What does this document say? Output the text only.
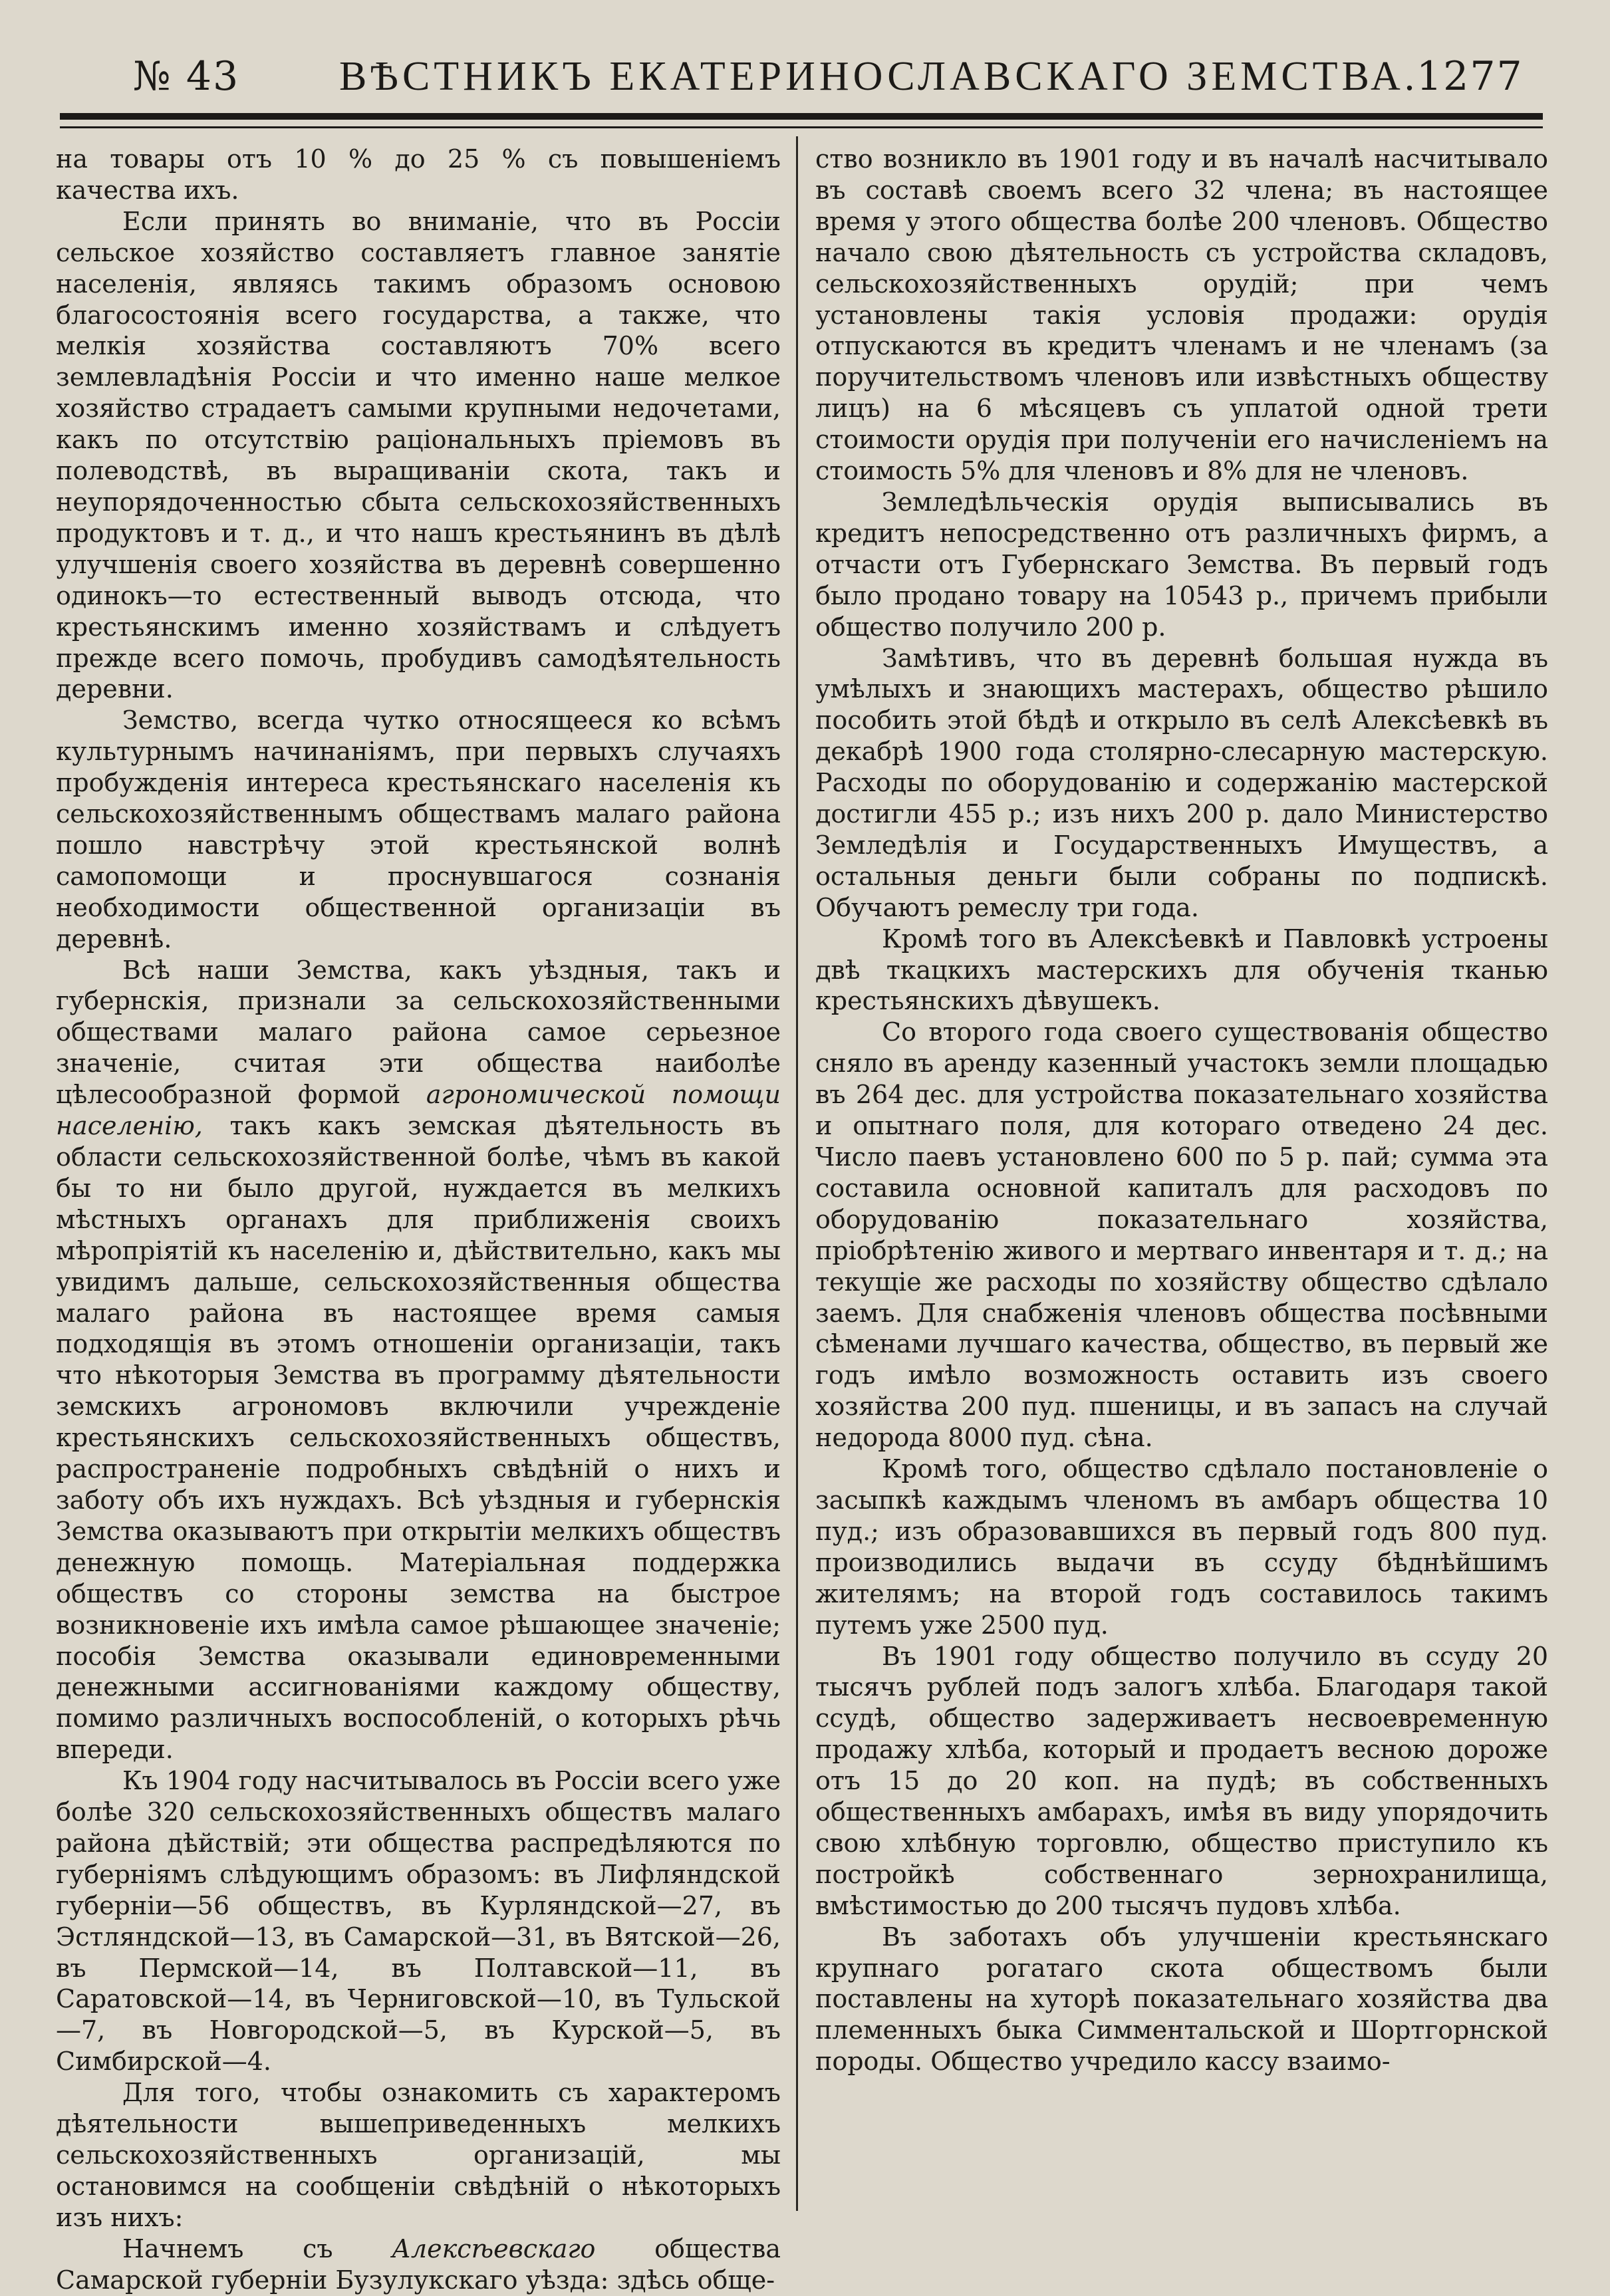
№ 43 ВѢСТНИКЪ ЕКАТЕРИНОСЛАВСКАГО ЗЕМСТВА.
1277

на товары отъ 10 % до 25 % съ повышеніемъ качества ихъ.

Если принять во вниманіе, что въ Россіи сельское хозяйство составляетъ главное занятіе населенія, являясь такимъ образомъ основою благосостоянія всего государства, а также, что мелкія хозяйства составляютъ 70% всего землевладѣнія Россіи и что именно наше мелкое хозяйство страдаетъ самыми крупными недочетами, какъ по отсутствію раціональныхъ пріемовъ въ полеводствѣ, въ выращиваніи скота, такъ и неупорядоченностью сбыта сельскохозяйственныхъ продуктовъ и т. д., и что нашъ крестьянинъ въ дѣлѣ улучшенія своего хозяйства въ деревнѣ совершенно одинокъ—то естественный выводъ отсюда, что крестьянскимъ именно хозяйствамъ и слѣдуетъ прежде всего помочь, пробудивъ самодѣятельность деревни.

Земство, всегда чутко относящееся ко всѣмъ культурнымъ начинаніямъ, при первыхъ случаяхъ пробужденія интереса крестьянскаго населенія къ сельскохозяйственнымъ обществамъ малаго района пошло навстрѣчу этой крестьянской волнѣ самопомощи и проснувшагося сознанія необходимости общественной организаціи въ деревнѣ.

Всѣ наши Земства, какъ уѣздныя, такъ и губернскія, признали за сельскохозяйственными обществами малаго района самое серьезное значеніе, считая эти общества наиболѣе цѣлесообразной формой агрономической помощи населенію, такъ какъ земская дѣятельность въ области сельскохозяйственной болѣе, чѣмъ въ какой бы то ни было другой, нуждается въ мелкихъ мѣстныхъ органахъ для приближенія своихъ мѣропріятій къ населенію и, дѣйствительно, какъ мы увидимъ дальше, сельскохозяйственныя общества малаго района въ настоящее время самыя подходящія въ этомъ отношеніи организаціи, такъ что нѣкоторыя Земства въ программу дѣятельности земскихъ агрономовъ включили учрежденіе крестьянскихъ сельскохозяйственныхъ обществъ, распространеніе подробныхъ свѣдѣній о нихъ и заботу объ ихъ нуждахъ. Всѣ уѣздныя и губернскія Земства оказываютъ при открытіи мелкихъ обществъ денежную помощь. Матеріальная поддержка обществъ со стороны земства на быстрое возникновеніе ихъ имѣла самое рѣшающее значеніе; пособія Земства оказывали единовременными денежными ассигнованіями каждому обществу, помимо различныхъ воспособленій, о которыхъ рѣчь впереди.

Къ 1904 году насчитывалось въ Россіи всего уже болѣе 320 сельскохозяйственныхъ обществъ малаго района дѣйствій; эти общества распредѣляются по губерніямъ слѣдующимъ образомъ: въ Лифляндской губерніи—56 обществъ, въ Курляндской—27, въ Эстляндской—13, въ Самарской—31, въ Вятской—26, въ Пермской—14, въ Полтавской—11, въ Саратовской—14, въ Черниговской—10, въ Тульской—7, въ Новгородской—5, въ Курской—5, въ Симбирской—4.

Для того, чтобы ознакомить съ характеромъ дѣятельности вышеприведенныхъ мелкихъ сельскохозяйственныхъ организацій, мы остановимся на сообщеніи свѣдѣній о нѣкоторыхъ изъ нихъ:

Начнемъ съ Алексѣевскаго общества Самарской губерніи Бузулукскаго уѣзда: здѣсь обще-

ство возникло въ 1901 году и въ началѣ насчитывало въ составѣ своемъ всего 32 члена; въ настоящее время у этого общества болѣе 200 членовъ. Общество начало свою дѣятельность съ устройства складовъ, сельскохозяйственныхъ орудій; при чемъ установлены такія условія продажи: орудія отпускаются въ кредитъ членамъ и не членамъ (за поручительствомъ членовъ или извѣстныхъ обществу лицъ) на 6 мѣсяцевъ съ уплатой одной трети стоимости орудія при полученіи его начисленіемъ на стоимость 5% для членовъ и 8% для не членовъ.

Земледѣльческія орудія выписывались въ кредитъ непосредственно отъ различныхъ фирмъ, а отчасти отъ Губернскаго Земства. Въ первый годъ было продано товару на 10543 р., причемъ прибыли общество получило 200 р.

Замѣтивъ, что въ деревнѣ большая нужда въ умѣлыхъ и знающихъ мастерахъ, общество рѣшило пособить этой бѣдѣ и открыло въ селѣ Алексѣевкѣ въ декабрѣ 1900 года столярно-слесарную мастерскую. Расходы по оборудованію и содержанію мастерской достигли 455 р.; изъ нихъ 200 р. дало Министерство Земледѣлія и Государственныхъ Имуществъ, а остальныя деньги были собраны по подпискѣ. Обучаютъ ремеслу три года.

Кромѣ того въ Алексѣевкѣ и Павловкѣ устроены двѣ ткацкихъ мастерскихъ для обученія тканью крестьянскихъ дѣвушекъ.

Со второго года своего существованія общество сняло въ аренду казенный участокъ земли площадью въ 264 дес. для устройства показательнаго хозяйства и опытнаго поля, для котораго отведено 24 дес. Число паевъ установлено 600 по 5 р. пай; сумма эта составила основной капиталъ для расходовъ по оборудованію показательнаго хозяйства, пріобрѣтенію живого и мертваго инвентаря и т. д.; на текущіе же расходы по хозяйству общество сдѣлало заемъ. Для снабженія членовъ общества посѣвными сѣменами лучшаго качества, общество, въ первый же годъ имѣло возможность оставить изъ своего хозяйства 200 пуд. пшеницы, и въ запасъ на случай недорода 8000 пуд. сѣна.

Кромѣ того, общество сдѣлало постановленіе о засыпкѣ каждымъ членомъ въ амбаръ общества 10 пуд.; изъ образовавшихся въ первый годъ 800 пуд. производились выдачи въ ссуду бѣднѣйшимъ жителямъ; на второй годъ составилось такимъ путемъ уже 2500 пуд.

Въ 1901 году общество получило въ ссуду 20 тысячъ рублей подъ залогъ хлѣба. Благодаря такой ссудѣ, общество задерживаетъ несвоевременную продажу хлѣба, который и продаетъ весною дороже отъ 15 до 20 коп. на пудѣ; въ собственныхъ общественныхъ амбарахъ, имѣя въ виду упорядочить свою хлѣбную торговлю, общество приступило къ постройкѣ собственнаго зернохранилища, вмѣстимостью до 200 тысячъ пудовъ хлѣба.

Въ заботахъ объ улучшеніи крестьянскаго крупнаго рогатаго скота обществомъ были поставлены на хуторѣ показательнаго хозяйства два племенныхъ быка Симментальской и Шортгорнской породы. Общество учредило кассу взаимо-
